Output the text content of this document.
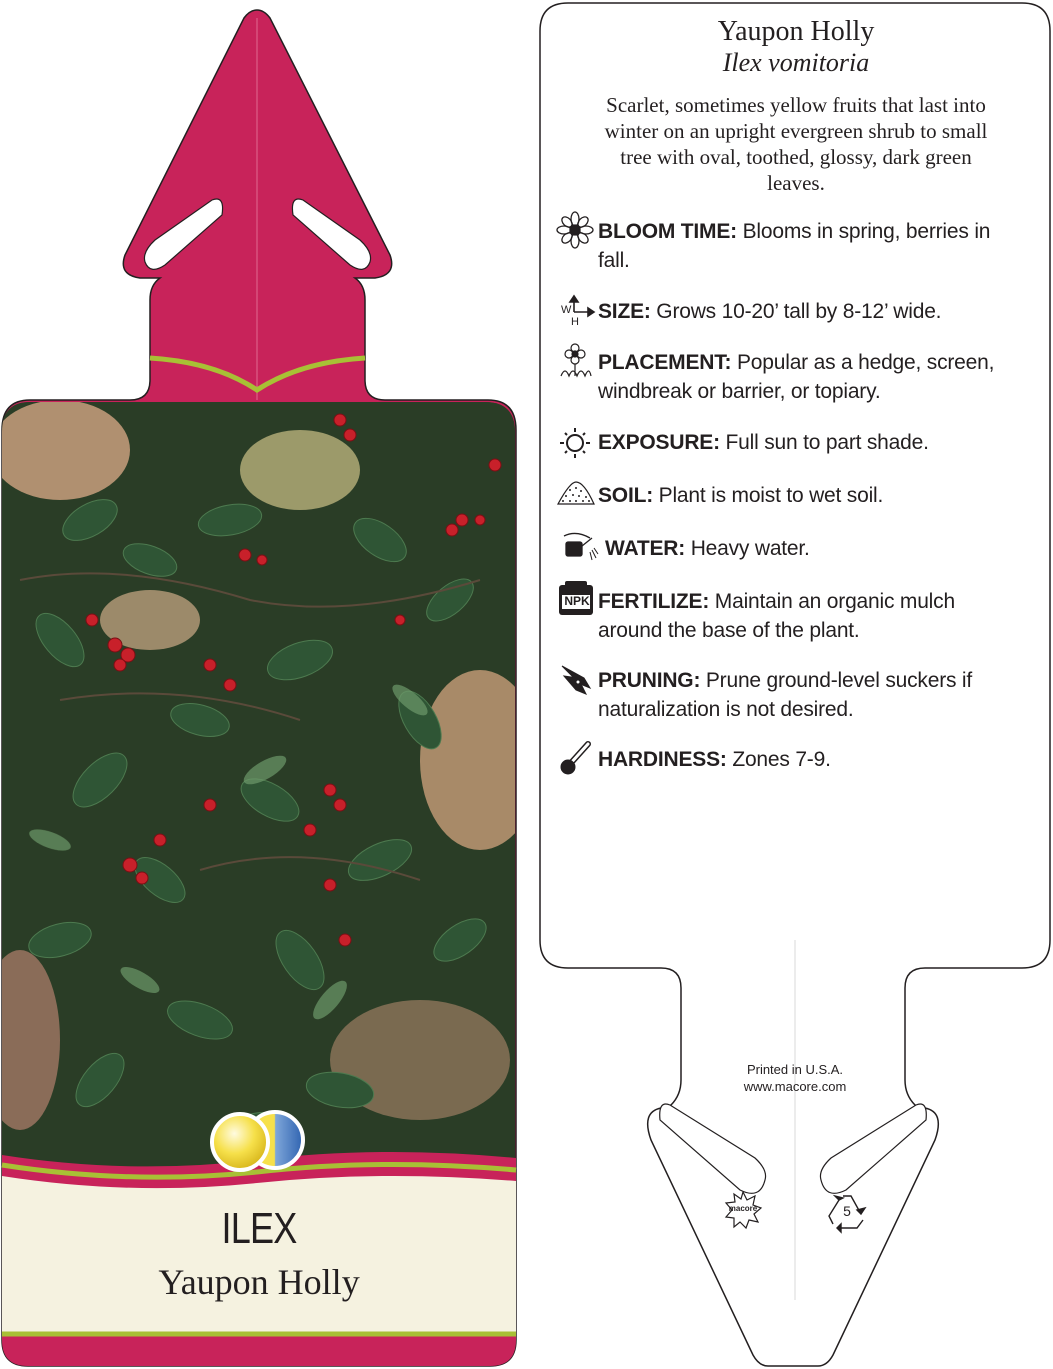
ILEX
Yaupon Holly
W
H
NPK
Yaupon Holly
Ilex vomitoria
Scarlet, sometimes yellow fruits that last into
winter on an upright evergreen shrub to small
tree with oval, toothed, glossy, dark green
leaves.
BLOOM TIME: Blooms in spring, berries in
fall.
SIZE: Grows 10-20’ tall by 8-12’ wide.
PLACEMENT: Popular as a hedge, screen,
windbreak or barrier, or topiary.
EXPOSURE: Full sun to part shade.
SOIL: Plant is moist to wet soil.
WATER: Heavy water.
FERTILIZE: Maintain an organic mulch
around the base of the plant.
PRUNING: Prune ground-level suckers if
naturalization is not desired.
HARDINESS: Zones 7-9.
Printed in U.S.A.
www.macore.com
macore	5
